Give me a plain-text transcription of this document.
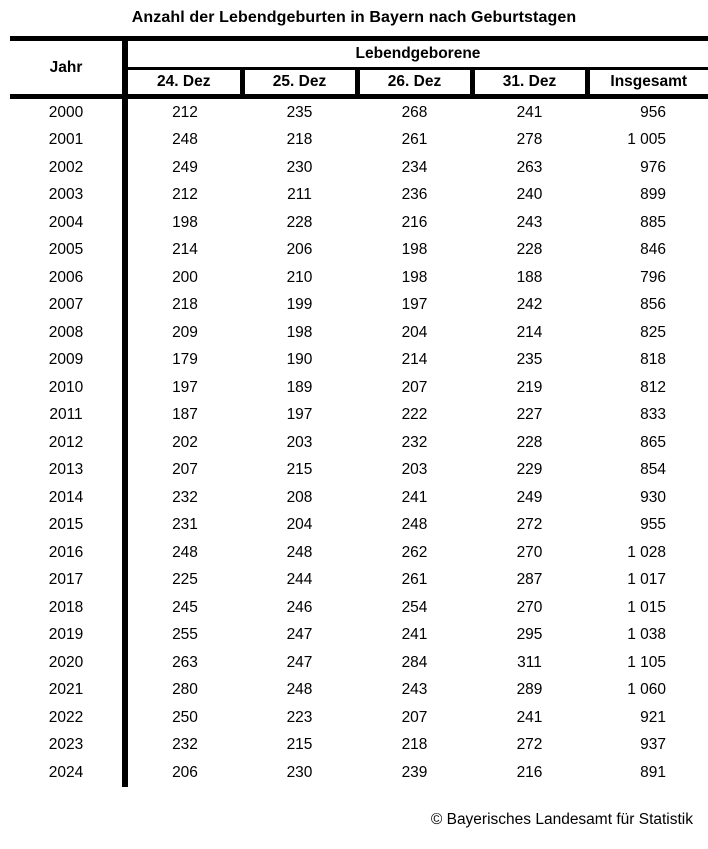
Anzahl der Lebendgeburten in Bayern nach Geburtstagen
Jahr	Lebendgeborene				
	24. Dez	25. Dez	26. Dez	31. Dez	Insgesamt
2000	212	235	268	241	956
2001	248	218	261	278	1 005
2002	249	230	234	263	976
2003	212	211	236	240	899
2004	198	228	216	243	885
2005	214	206	198	228	846
2006	200	210	198	188	796
2007	218	199	197	242	856
2008	209	198	204	214	825
2009	179	190	214	235	818
2010	197	189	207	219	812
2011	187	197	222	227	833
2012	202	203	232	228	865
2013	207	215	203	229	854
2014	232	208	241	249	930
2015	231	204	248	272	955
2016	248	248	262	270	1 028
2017	225	244	261	287	1 017
2018	245	246	254	270	1 015
2019	255	247	241	295	1 038
2020	263	247	284	311	1 105
2021	280	248	243	289	1 060
2022	250	223	207	241	921
2023	232	215	218	272	937
2024	206	230	239	216	891
© Bayerisches Landesamt für Statistik
